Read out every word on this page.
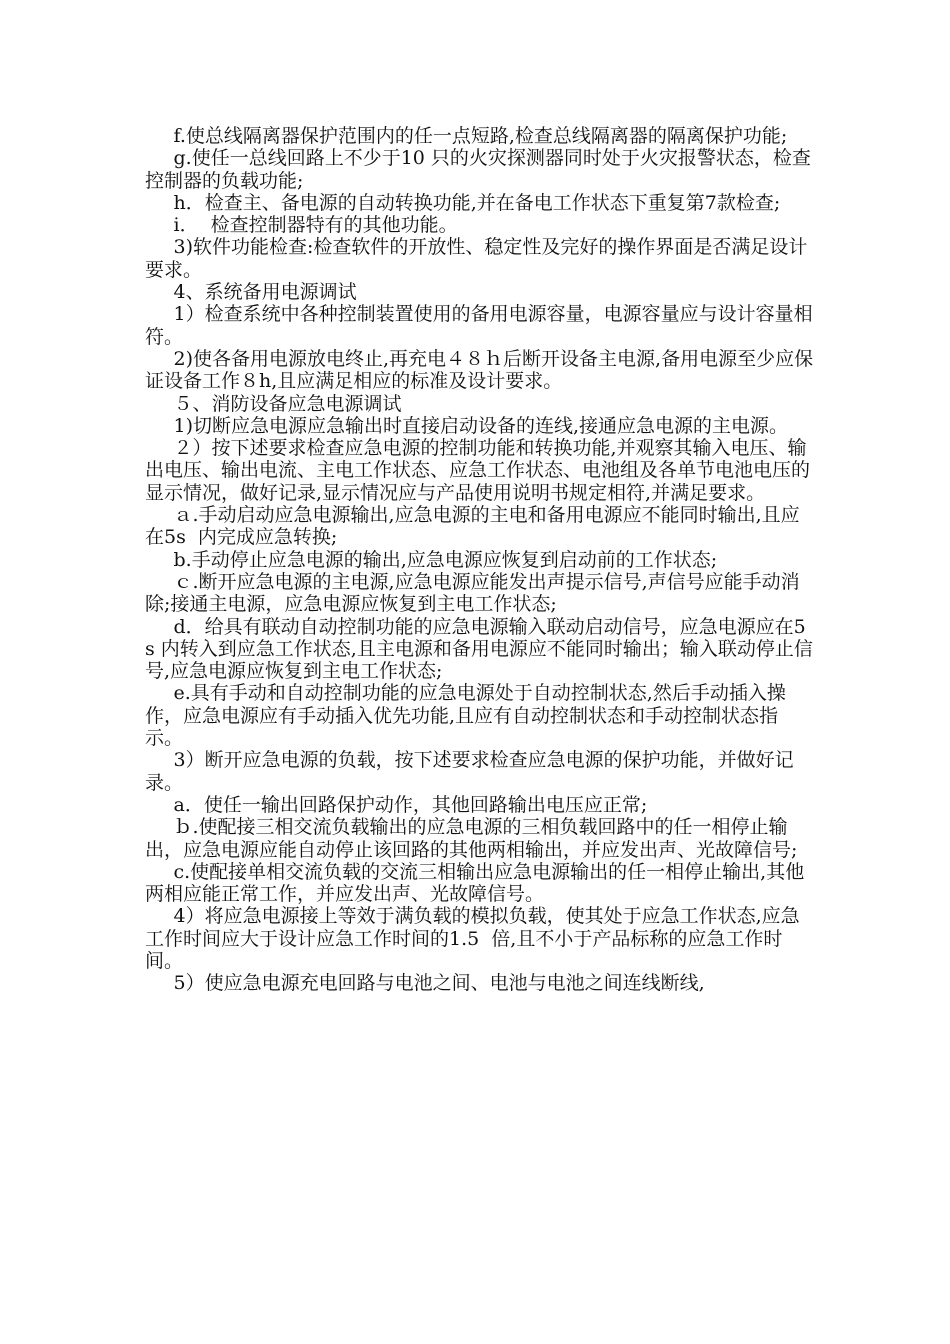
f.使总线隔离器保护范围内的任一点短路,检查总线隔离器的隔离保护功能;

g.使任一总线回路上不少于10 只的火灾探测器同时处于火灾报警状态，检查控制器的负载功能;

h．检查主、备电源的自动转换功能,并在备电工作状态下重复第7款检查;

i．  检查控制器特有的其他功能。

3)软件功能检查:检查软件的开放性、稳定性及完好的操作界面是否满足设计要求。

4、系统备用电源调试

1）检查系统中各种控制装置使用的备用电源容量，电源容量应与设计容量相符。

2)使各备用电源放电终止,再充电４８ｈ后断开设备主电源,备用电源至少应保证设备工作８h,且应满足相应的标准及设计要求。

５、消防设备应急电源调试

1)切断应急电源应急输出时直接启动设备的连线,接通应急电源的主电源。

２）按下述要求检查应急电源的控制功能和转换功能,并观察其输入电压、输出电压、输出电流、主电工作状态、应急工作状态、电池组及各单节电池电压的显示情况，做好记录,显示情况应与产品使用说明书规定相符,并满足要求。

ａ.手动启动应急电源输出,应急电源的主电和备用电源应不能同时输出,且应在5s  内完成应急转换;

b.手动停止应急电源的输出,应急电源应恢复到启动前的工作状态;

ｃ.断开应急电源的主电源,应急电源应能发出声提示信号,声信号应能手动消除;接通主电源，应急电源应恢复到主电工作状态;

d．给具有联动自动控制功能的应急电源输入联动启动信号，应急电源应在5s 内转入到应急工作状态,且主电源和备用电源应不能同时输出；输入联动停止信号,应急电源应恢复到主电工作状态;

e.具有手动和自动控制功能的应急电源处于自动控制状态,然后手动插入操作，应急电源应有手动插入优先功能,且应有自动控制状态和手动控制状态指示。

3）断开应急电源的负载，按下述要求检查应急电源的保护功能，并做好记录。

a．使任一输出回路保护动作，其他回路输出电压应正常;

ｂ.使配接三相交流负载输出的应急电源的三相负载回路中的任一相停止输出，应急电源应能自动停止该回路的其他两相输出，并应发出声、光故障信号;

c.使配接单相交流负载的交流三相输出应急电源输出的任一相停止输出,其他两相应能正常工作，并应发出声、光故障信号。

4）将应急电源接上等效于满负载的模拟负载，使其处于应急工作状态,应急工作时间应大于设计应急工作时间的1.5  倍,且不小于产品标称的应急工作时间。

5）使应急电源充电回路与电池之间、电池与电池之间连线断线,
